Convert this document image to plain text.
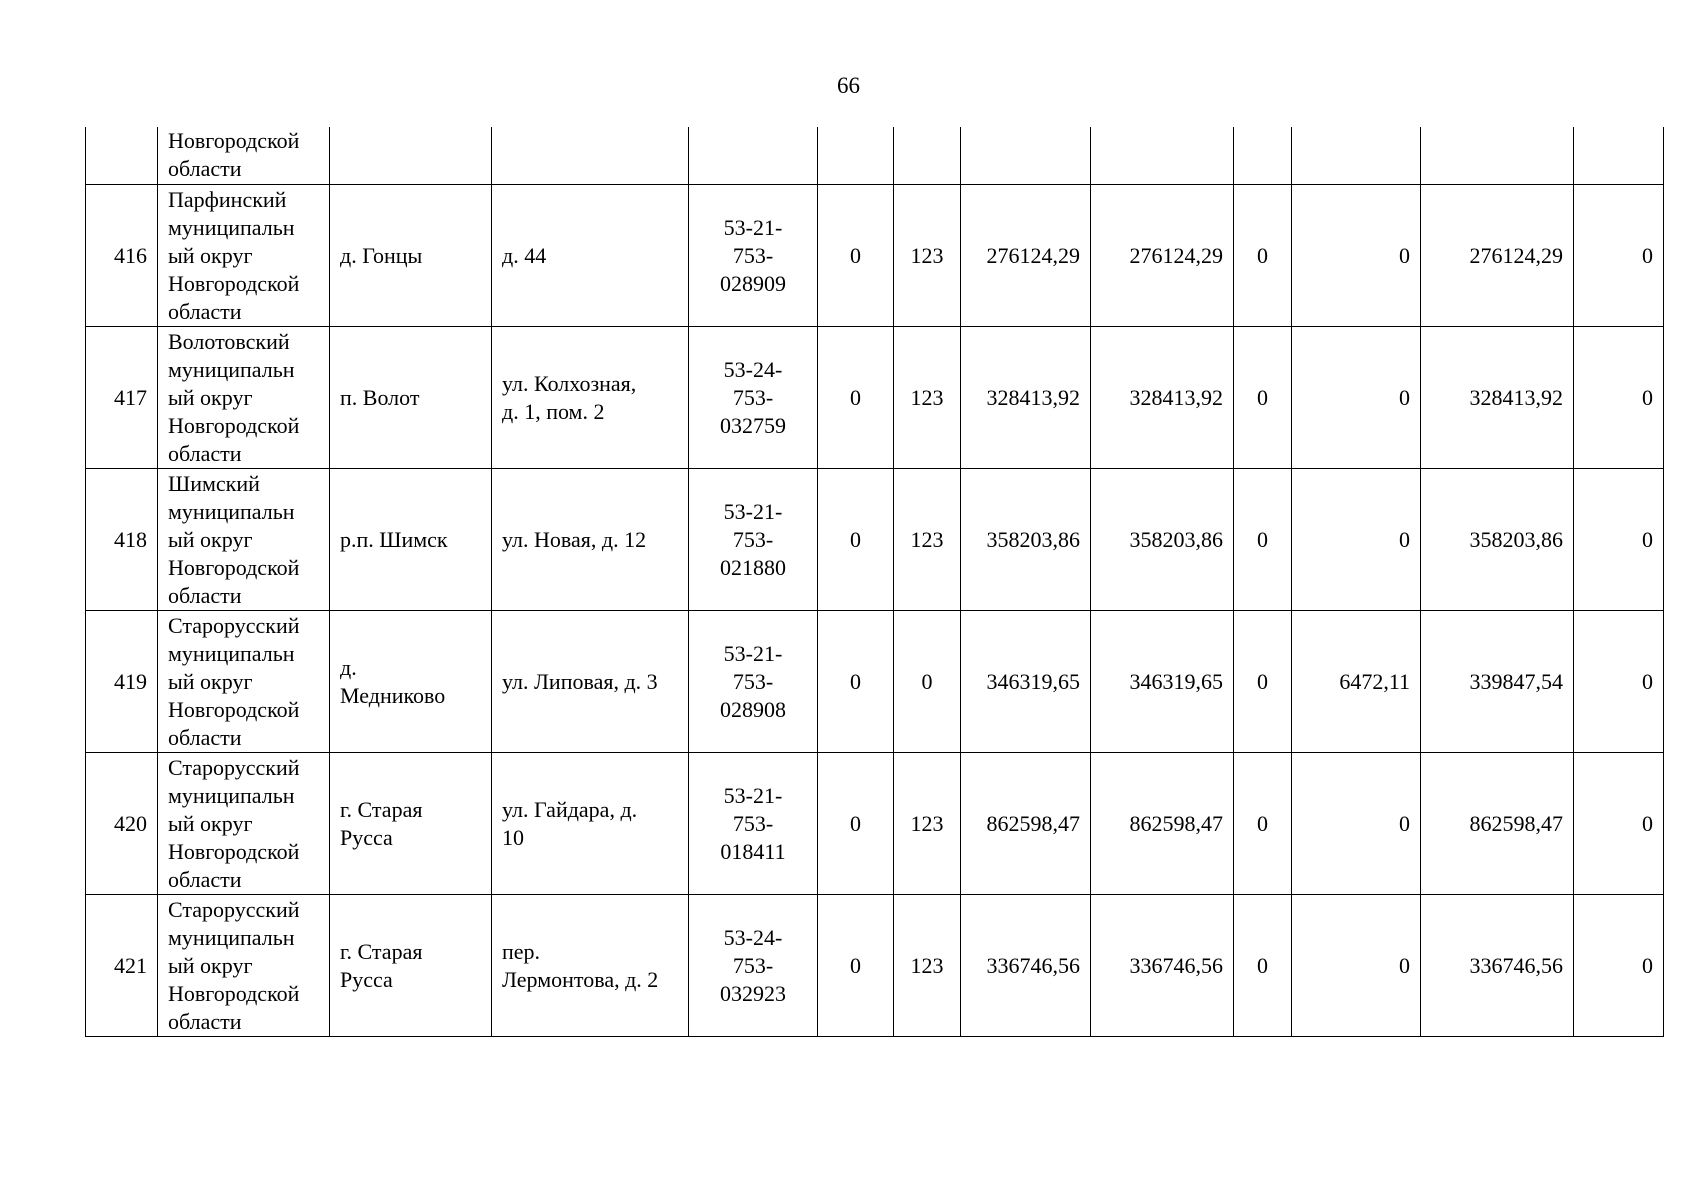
66
	Новгородской
области											
416	Парфинский
муниципальн
ый округ
Новгородской
области	д. Гонцы	д. 44	53-21-
753-
028909	0	123	276124,29	276124,29	0	0	276124,29	0
417	Волотовский
муниципальн
ый округ
Новгородской
области	п. Волот	ул. Колхозная,
д. 1, пом. 2	53-24-
753-
032759	0	123	328413,92	328413,92	0	0	328413,92	0
418	Шимский
муниципальн
ый округ
Новгородской
области	р.п. Шимск	ул. Новая, д. 12	53-21-
753-
021880	0	123	358203,86	358203,86	0	0	358203,86	0
419	Старорусский
муниципальн
ый округ
Новгородской
области	д.
Медниково	ул. Липовая, д. 3	53-21-
753-
028908	0	0	346319,65	346319,65	0	6472,11	339847,54	0
420	Старорусский
муниципальн
ый округ
Новгородской
области	г. Старая
Русса	ул. Гайдара, д.
10	53-21-
753-
018411	0	123	862598,47	862598,47	0	0	862598,47	0
421	Старорусский
муниципальн
ый округ
Новгородской
области	г. Старая
Русса	пер.
Лермонтова, д. 2	53-24-
753-
032923	0	123	336746,56	336746,56	0	0	336746,56	0
